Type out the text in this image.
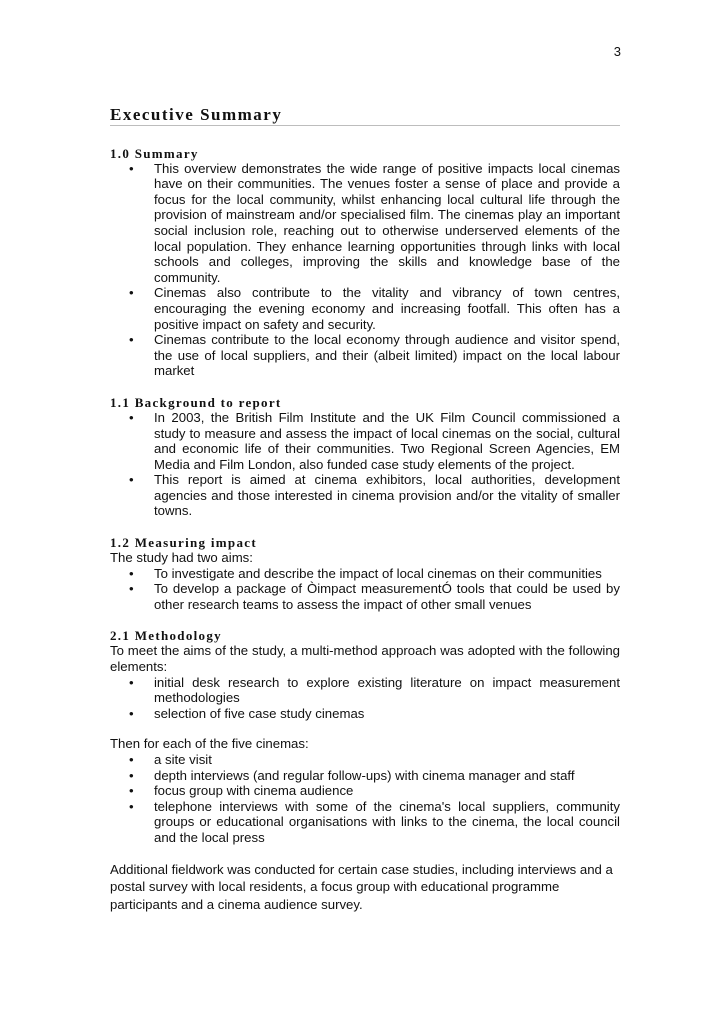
3
Executive Summary
1.0 Summary
• This overview demonstrates the wide range of positive impacts local cinemas have on their communities. The venues foster a sense of place and provide a focus for the local community, whilst enhancing local cultural life through the provision of mainstream and/or specialised film. The cinemas play an important social inclusion role, reaching out to otherwise underserved elements of the local population. They enhance learning opportunities through links with local schools and colleges, improving the skills and knowledge base of the community.
• Cinemas also contribute to the vitality and vibrancy of town centres, encouraging the evening economy and increasing footfall. This often has a positive impact on safety and security.
• Cinemas contribute to the local economy through audience and visitor spend, the use of local suppliers, and their (albeit limited) impact on the local labour market
1.1 Background to report
• In 2003, the British Film Institute and the UK Film Council commissioned a study to measure and assess the impact of local cinemas on the social, cultural and economic life of their communities. Two Regional Screen Agencies, EM Media and Film London, also funded case study elements of the project.
• This report is aimed at cinema exhibitors, local authorities, development agencies and those interested in cinema provision and/or the vitality of smaller towns.
1.2 Measuring impact

The study had two aims:

• To investigate and describe the impact of local cinemas on their communities
• To develop a package of Òimpact measurementÓ tools that could be used by other research teams to assess the impact of other small venues
2.1 Methodology

To meet the aims of the study, a multi-method approach was adopted with the following elements:

• initial desk research to explore existing literature on impact measurement methodologies
• selection of five case study cinemas

Then for each of the five cinemas:

• a site visit
• depth interviews (and regular follow-ups) with cinema manager and staff
• focus group with cinema audience
• telephone interviews with some of the cinema's local suppliers, community groups or educational organisations with links to the cinema, the local council and the local press

Additional fieldwork was conducted for certain case studies, including interviews and a postal survey with local residents, a focus group with educational programme participants and a cinema audience survey.
